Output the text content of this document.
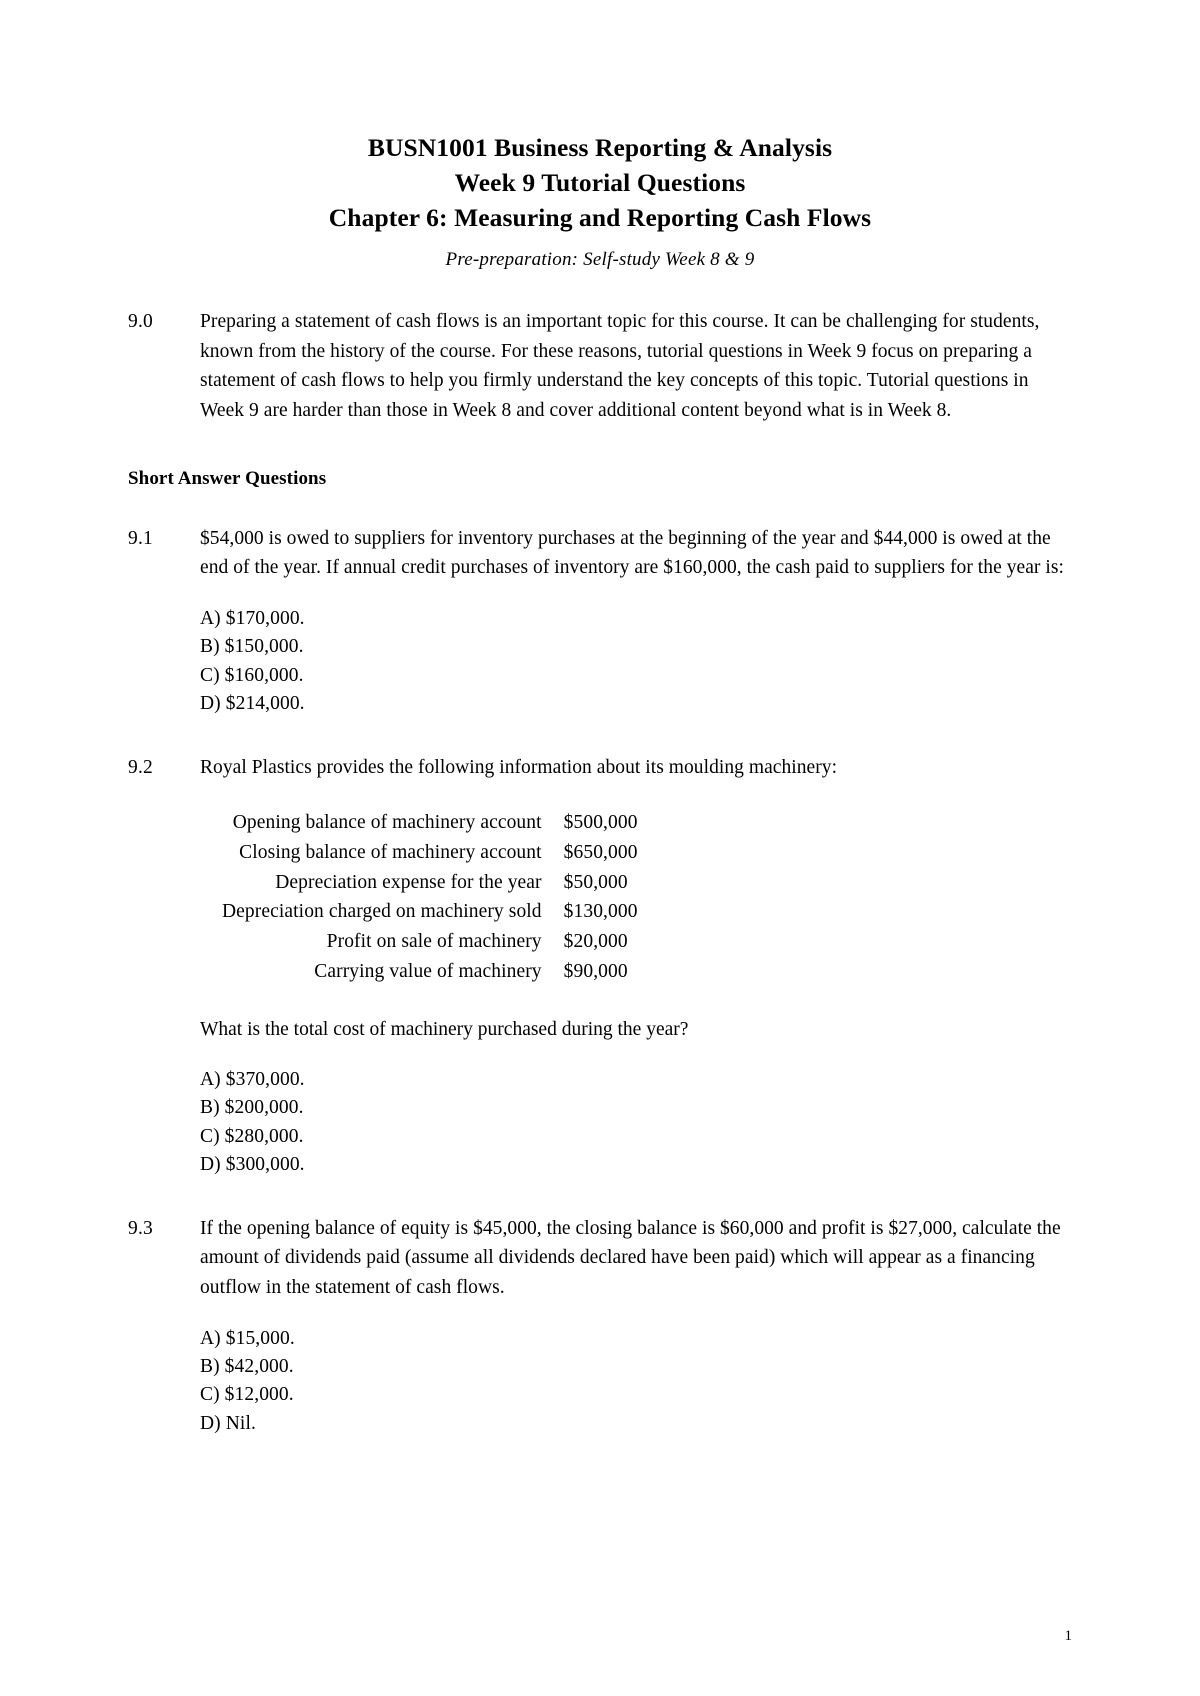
BUSN1001 Business Reporting & Analysis
Week 9 Tutorial Questions
Chapter 6: Measuring and Reporting Cash Flows
Pre-preparation: Self-study Week 8 & 9
9.0	Preparing a statement of cash flows is an important topic for this course. It can be challenging for students, known from the history of the course. For these reasons, tutorial questions in Week 9 focus on preparing a statement of cash flows to help you firmly understand the key concepts of this topic. Tutorial questions in Week 9 are harder than those in Week 8 and cover additional content beyond what is in Week 8.
Short Answer Questions
9.1	$54,000 is owed to suppliers for inventory purchases at the beginning of the year and $44,000 is owed at the end of the year. If annual credit purchases of inventory are $160,000, the cash paid to suppliers for the year is:
A) $170,000.
B) $150,000.
C) $160,000.
D) $214,000.
9.2	Royal Plastics provides the following information about its moulding machinery:
Opening balance of machinery account	$500,000
Closing balance of machinery account	$650,000
Depreciation expense for the year	$50,000
Depreciation charged on machinery sold	$130,000
Profit on sale of machinery	$20,000
Carrying value of machinery	$90,000
What is the total cost of machinery purchased during the year?
A) $370,000.
B) $200,000.
C) $280,000.
D) $300,000.
9.3	If the opening balance of equity is $45,000, the closing balance is $60,000 and profit is $27,000, calculate the amount of dividends paid (assume all dividends declared have been paid) which will appear as a financing outflow in the statement of cash flows.
A) $15,000.
B) $42,000.
C) $12,000.
D) Nil.
1
